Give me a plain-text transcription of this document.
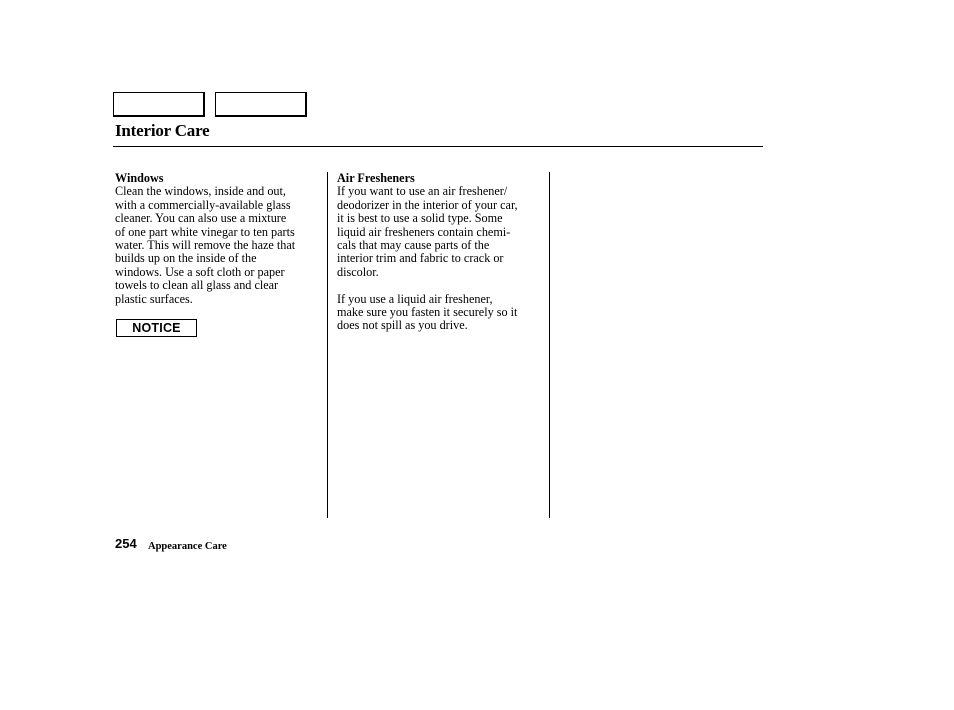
Interior Care
Windows
Clean the windows, inside and out,
with a commercially-available glass
cleaner. You can also use a mixture
of one part white vinegar to ten parts
water. This will remove the haze that
builds up on the inside of the
windows. Use a soft cloth or paper
towels to clean all glass and clear
plastic surfaces.
NOTICE
Air Fresheners
If you want to use an air freshener/
deodorizer in the interior of your car,
it is best to use a solid type. Some
liquid air fresheners contain chemi-
cals that may cause parts of the
interior trim and fabric to crack or
discolor.
If you use a liquid air freshener,
make sure you fasten it securely so it
does not spill as you drive.
254 Appearance Care
